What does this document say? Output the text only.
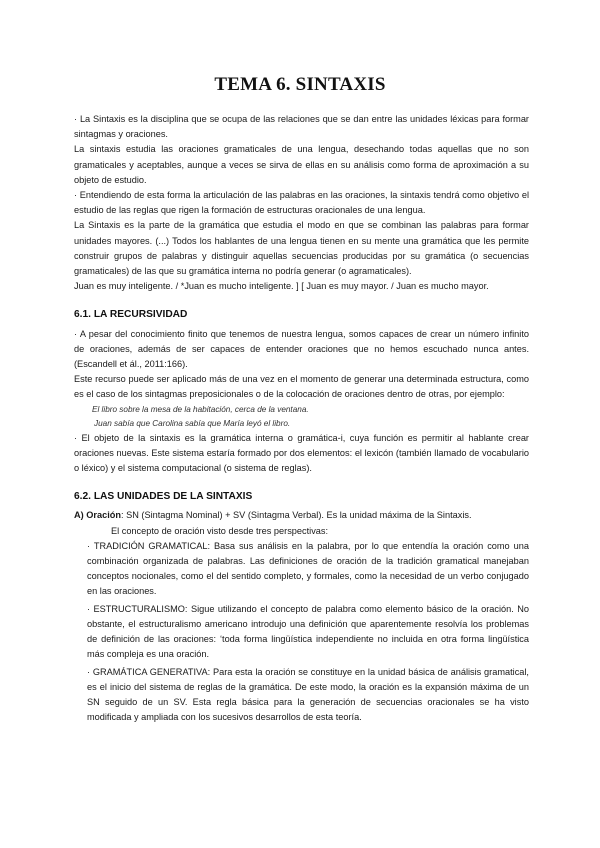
TEMA 6. SINTAXIS

· La Sintaxis es la disciplina que se ocupa de las relaciones que se dan entre las unidades léxicas para formar sintagmas y oraciones.

La sintaxis estudia las oraciones gramaticales de una lengua, desechando todas aquellas que no son gramaticales y aceptables, aunque a veces se sirva de ellas en su análisis como forma de aproximación a su objeto de estudio.

· Entendiendo de esta forma la articulación de las palabras en las oraciones, la sintaxis tendrá como objetivo el estudio de las reglas que rigen la formación de estructuras oracionales de una lengua.

La Sintaxis es la parte de la gramática que estudia el modo en que se combinan las palabras para formar unidades mayores. (...) Todos los hablantes de una lengua tienen en su mente una gramática que les permite construir grupos de palabras y distinguir aquellas secuencias producidas por su gramática (o secuencias gramaticales) de las que su gramática interna no podría generar (o agramaticales).

Juan es muy inteligente. / *Juan es mucho inteligente. ] [ Juan es muy mayor. / Juan es mucho mayor.

6.1. LA RECURSIVIDAD

· A pesar del conocimiento finito que tenemos de nuestra lengua, somos capaces de crear un número infinito de oraciones, además de ser capaces de entender oraciones que no hemos escuchado nunca antes. (Escandell et ál., 2011:166).

Este recurso puede ser aplicado más de una vez en el momento de generar una determinada estructura, como es el caso de los sintagmas preposicionales o de la colocación de oraciones dentro de otras, por ejemplo:

El libro sobre la mesa de la habitación, cerca de la ventana.

Juan sabía que Carolina sabía que María leyó el libro.

· El objeto de la sintaxis es la gramática interna o gramática-i, cuya función es permitir al hablante crear oraciones nuevas. Este sistema estaría formado por dos elementos: el lexicón (también llamado de vocabulario o léxico) y el sistema computacional (o sistema de reglas).

6.2. LAS UNIDADES DE LA SINTAXIS

A) Oración: SN (Sintagma Nominal) + SV (Sintagma Verbal). Es la unidad máxima de la Sintaxis.

El concepto de oración visto desde tres perspectivas:

· TRADICIÓN GRAMATICAL: Basa sus análisis en la palabra, por lo que entendía la oración como una combinación organizada de palabras. Las definiciones de oración de la tradición gramatical manejaban conceptos nocionales, como el del sentido completo, y formales, como la necesidad de un verbo conjugado en las oraciones.

· ESTRUCTURALISMO: Sigue utilizando el concepto de palabra como elemento básico de la oración. No obstante, el estructuralismo americano introdujo una definición que aparentemente resolvía los problemas de definición de las oraciones: ‘toda forma lingüística independiente no incluida en otra forma lingüística más compleja es una oración.

· GRAMÁTICA GENERATIVA: Para esta la oración se constituye en la unidad básica de análisis gramatical, es el inicio del sistema de reglas de la gramática. De este modo, la oración es la expansión máxima de un SN seguido de un SV. Esta regla básica para la generación de secuencias oracionales se ha visto modificada y ampliada con los sucesivos desarrollos de esta teoría.
